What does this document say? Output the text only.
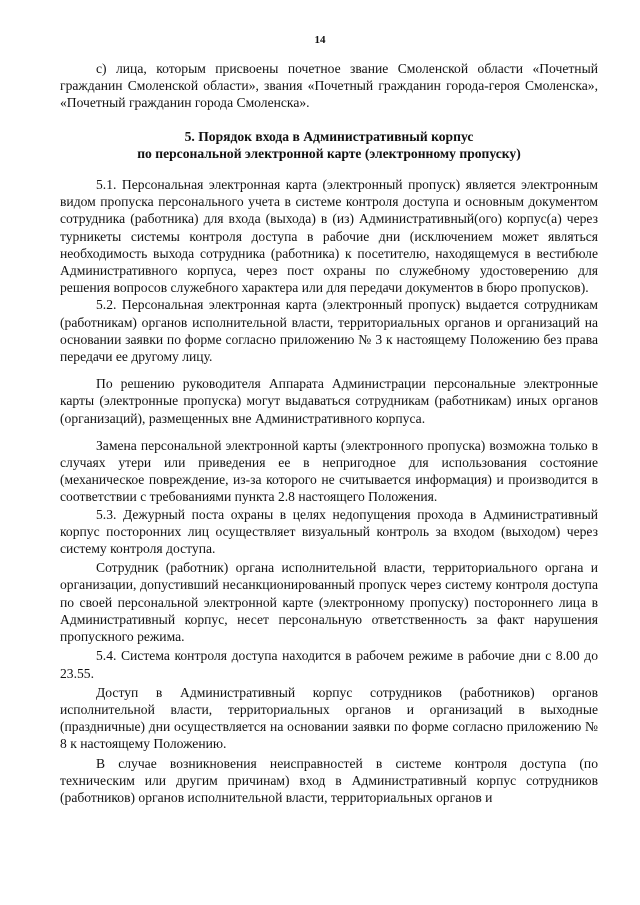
14

с) лица, которым присвоены почетное звание Смоленской области «Почетный гражданин Смоленской области», звания «Почетный гражданин города-героя Смоленска», «Почетный гражданин города Смоленска».

5. Порядок входа в Административный корпус
по персональной электронной карте (электронному пропуску)

5.1. Персональная электронная карта (электронный пропуск) является электронным видом пропуска персонального учета в системе контроля доступа и основным документом сотрудника (работника) для входа (выхода) в (из) Административный(ого) корпус(а) через турникеты системы контроля доступа в рабочие дни (исключением может являться необходимость выхода сотрудника (работника) к посетителю, находящемуся в вестибюле Административного корпуса, через пост охраны по служебному удостоверению для решения вопросов служебного характера или для передачи документов в бюро пропусков).

5.2. Персональная электронная карта (электронный пропуск) выдается сотрудникам (работникам) органов исполнительной власти, территориальных органов и организаций на основании заявки по форме согласно приложению № 3 к настоящему Положению без права передачи ее другому лицу.

По решению руководителя Аппарата Администрации персональные электронные карты (электронные пропуска) могут выдаваться сотрудникам (работникам) иных органов (организаций), размещенных вне Административного корпуса.

Замена персональной электронной карты (электронного пропуска) возможна только в случаях утери или приведения ее в непригодное для использования состояние (механическое повреждение, из-за которого не считывается информация) и производится в соответствии с требованиями пункта 2.8 настоящего Положения.

5.3. Дежурный поста охраны в целях недопущения прохода в Административный корпус посторонних лиц осуществляет визуальный контроль за входом (выходом) через систему контроля доступа.

Сотрудник (работник) органа исполнительной власти, территориального органа и организации, допустивший несанкционированный пропуск через систему контроля доступа по своей персональной электронной карте (электронному пропуску) постороннего лица в Административный корпус, несет персональную ответственность за факт нарушения пропускного режима.

5.4. Система контроля доступа находится в рабочем режиме в рабочие дни с 8.00 до 23.55.

Доступ в Административный корпус сотрудников (работников) органов исполнительной власти, территориальных органов и организаций в выходные (праздничные) дни осуществляется на основании заявки по форме согласно приложению № 8 к настоящему Положению.

В случае возникновения неисправностей в системе контроля доступа (по техническим или другим причинам) вход в Административный корпус сотрудников (работников) органов исполнительной власти, территориальных органов и
